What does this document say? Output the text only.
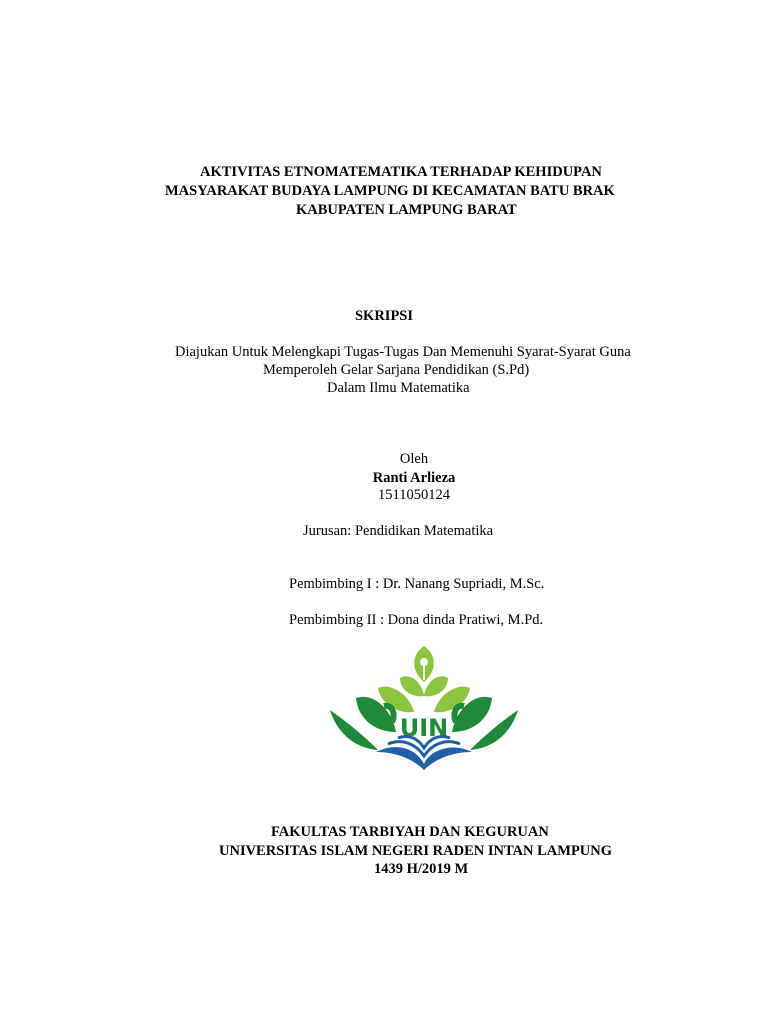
AKTIVITAS ETNOMATEMATIKA TERHADAP KEHIDUPAN
MASYARAKAT BUDAYA LAMPUNG DI KECAMATAN BATU BRAK
KABUPATEN LAMPUNG BARAT
SKRIPSI
Diajukan Untuk Melengkapi Tugas-Tugas Dan Memenuhi Syarat-Syarat Guna
Memperoleh Gelar Sarjana Pendidikan (S.Pd)
Dalam Ilmu Matematika
Oleh
Ranti Arlieza
1511050124
Jurusan: Pendidikan Matematika
Pembimbing I : Dr. Nanang Supriadi, M.Sc.
Pembimbing II : Dona dinda Pratiwi, M.Pd.
UIN
FAKULTAS TARBIYAH DAN KEGURUAN
UNIVERSITAS ISLAM NEGERI RADEN INTAN LAMPUNG
1439 H/2019 M
